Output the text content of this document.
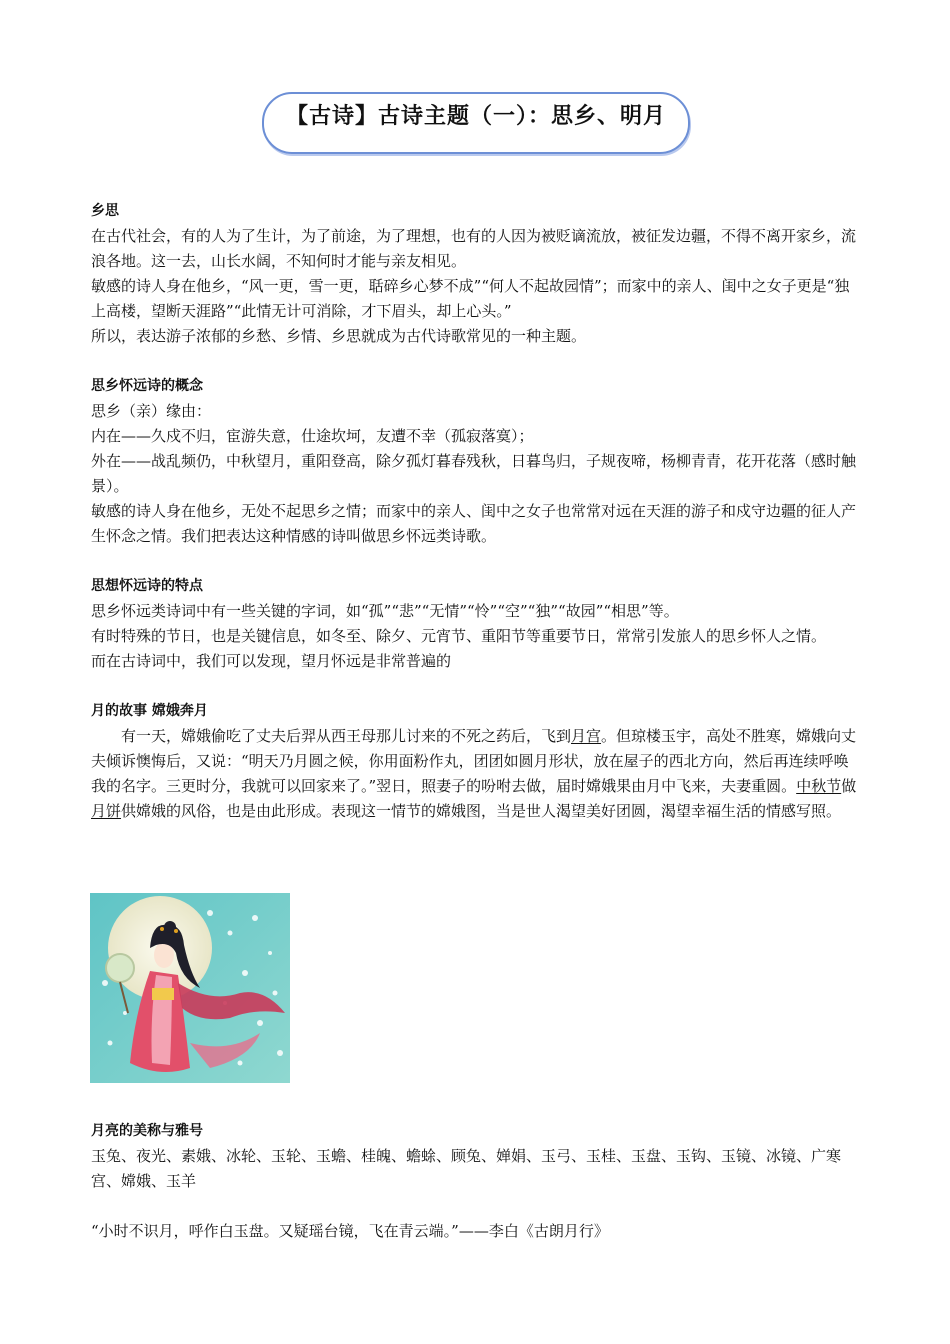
【古诗】古诗主题（一）：思乡、明月
乡思

在古代社会，有的人为了生计，为了前途，为了理想，也有的人因为被贬谪流放，被征发边疆，不得不离开家乡，流浪各地。这一去，山长水阔，不知何时才能与亲友相见。

敏感的诗人身在他乡，“风一更，雪一更，聒碎乡心梦不成”“何人不起故园情”；而家中的亲人、闺中之女子更是“独上高楼，望断天涯路”“此情无计可消除，才下眉头，却上心头。”

所以，表达游子浓郁的乡愁、乡情、乡思就成为古代诗歌常见的一种主题。

思乡怀远诗的概念

思乡（亲）缘由：

内在——久戍不归，宦游失意，仕途坎坷，友遭不幸（孤寂落寞）；

外在——战乱频仍，中秋望月，重阳登高，除夕孤灯暮春残秋，日暮鸟归，子规夜啼，杨柳青青，花开花落（感时触景）。

敏感的诗人身在他乡，无处不起思乡之情；而家中的亲人、闺中之女子也常常对远在天涯的游子和戍守边疆的征人产生怀念之情。我们把表达这种情感的诗叫做思乡怀远类诗歌。

思想怀远诗的特点

思乡怀远类诗词中有一些关键的字词，如“孤”“悲”“无情”“怜”“空”“独”“故园”“相思”等。

有时特殊的节日，也是关键信息，如冬至、除夕、元宵节、重阳节等重要节日，常常引发旅人的思乡怀人之情。

而在古诗词中，我们可以发现，望月怀远是非常普遍的

月的故事 嫦娥奔月

有一天，嫦娥偷吃了丈夫后羿从西王母那儿讨来的不死之药后，飞到月宫。但琼楼玉宇，高处不胜寒，嫦娥向丈夫倾诉懊悔后，又说：“明天乃月圆之候，你用面粉作丸，团团如圆月形状，放在屋子的西北方向，然后再连续呼唤我的名字。三更时分，我就可以回家来了。”翌日，照妻子的吩咐去做，届时嫦娥果由月中飞来，夫妻重圆。中秋节做月饼供嫦娥的风俗，也是由此形成。表现这一情节的嫦娥图，当是世人渴望美好团圆，渴望幸福生活的情感写照。

月亮的美称与雅号

玉兔、夜光、素娥、冰轮、玉轮、玉蟾、桂魄、蟾蜍、顾兔、婵娟、玉弓、玉桂、玉盘、玉钩、玉镜、冰镜、广寒宫、嫦娥、玉羊

“小时不识月，呼作白玉盘。又疑瑶台镜，飞在青云端。”——李白《古朗月行》
